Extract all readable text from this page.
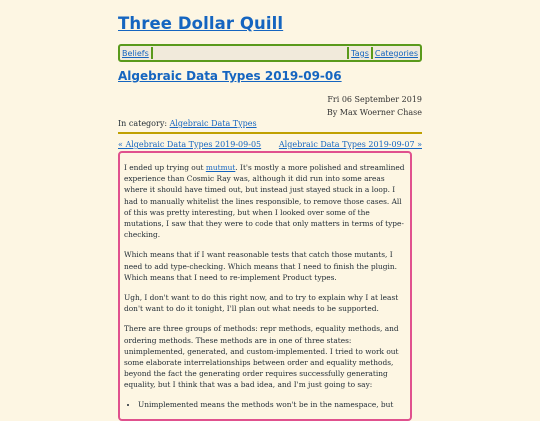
Three Dollar Quill
Beliefs	Tags Categories
Algebraic Data Types 2019-09-06
Fri 06 September 2019
By Max Woerner Chase
In category: Algebraic Data Types
« Algebraic Data Types 2019-09-05 Algebraic Data Types 2019-09-07 »

I ended up trying out mutmut. It's mostly a more polished and streamlined experience than Cosmic Ray was, although it did run into some areas where it should have timed out, but instead just stayed stuck in a loop. I had to manually whitelist the lines responsible, to remove those cases. All of this was pretty interesting, but when I looked over some of the mutations, I saw that they were to code that only matters in terms of type-checking.

Which means that if I want reasonable tests that catch those mutants, I need to add type-checking. Which means that I need to finish the plugin. Which means that I need to re-implement Product types.

Ugh, I don't want to do this right now, and to try to explain why I at least don't want to do it tonight, I'll plan out what needs to be supported.

There are three groups of methods: repr methods, equality methods, and ordering methods. These methods are in one of three states: unimplemented, generated, and custom-implemented. I tried to work out some elaborate interrelationships between order and equality methods, beyond the fact the generating order requires successfully generating equality, but I think that was a bad idea, and I'm just going to say:

• Unimplemented means the methods won't be in the namespace, but
